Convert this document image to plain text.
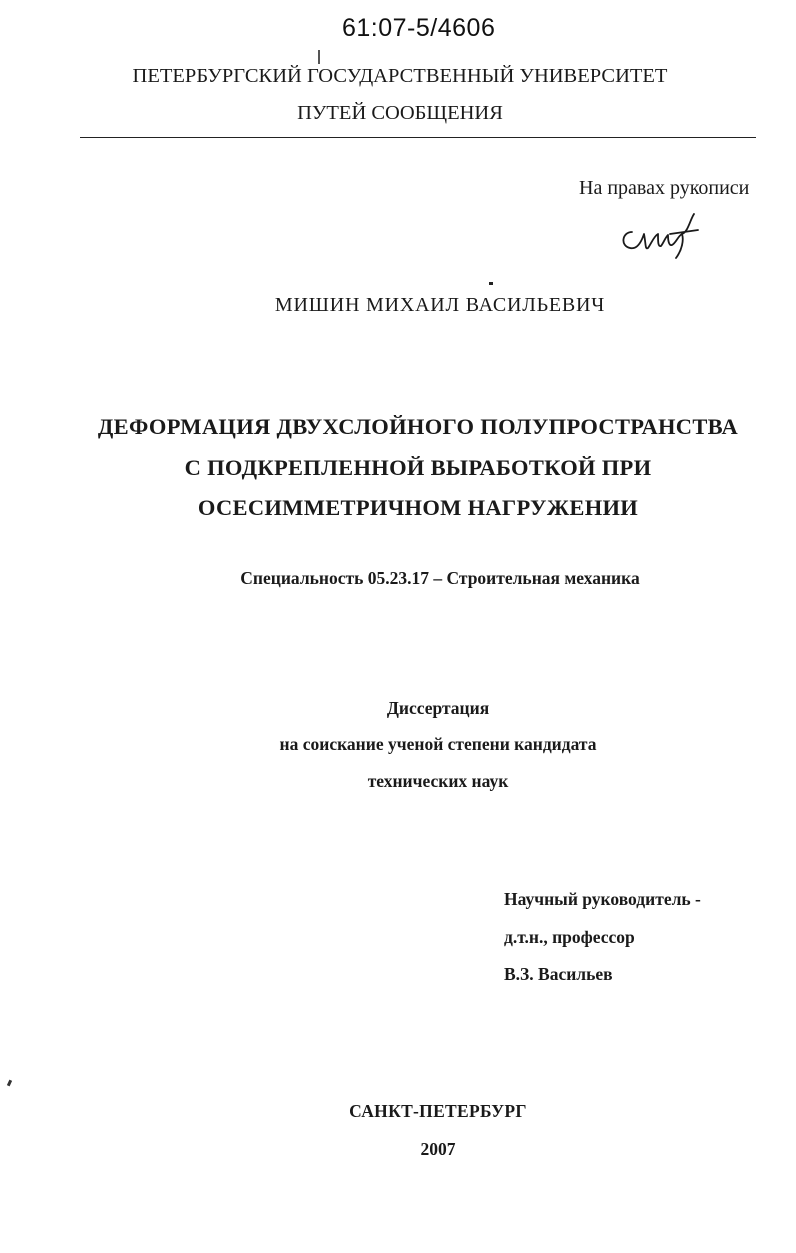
61:07-5/4606
ПЕТЕРБУРГСКИЙ ГОСУДАРСТВЕННЫЙ УНИВЕРСИТЕТ
ПУТЕЙ СООБЩЕНИЯ
На правах рукописи
МИШИН МИХАИЛ ВАСИЛЬЕВИЧ
ДЕФОРМАЦИЯ ДВУХСЛОЙНОГО ПОЛУПРОСТРАНСТВА
С ПОДКРЕПЛЕННОЙ ВЫРАБОТКОЙ ПРИ
ОСЕСИММЕТРИЧНОМ НАГРУЖЕНИИ
Специальность 05.23.17 – Строительная механика
Диссертация
на соискание ученой степени кандидата
технических наук
Научный руководитель -
д.т.н., профессор
В.З. Васильев
САНКТ-ПЕТЕРБУРГ
2007
